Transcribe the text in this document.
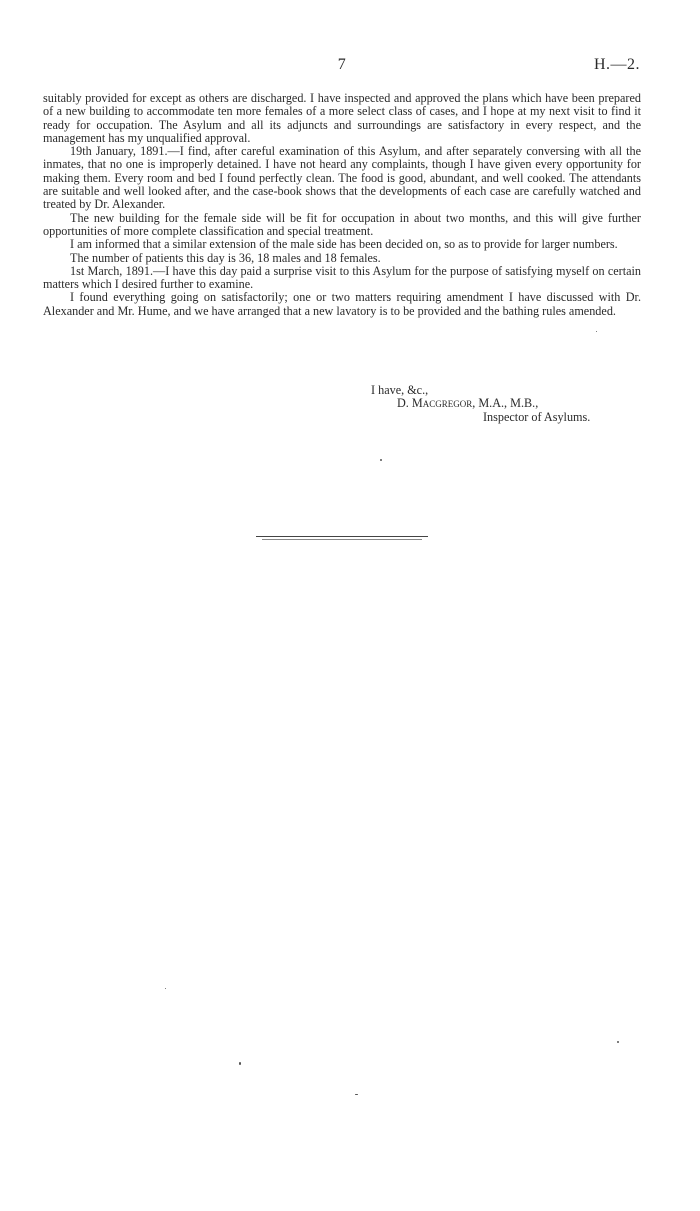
7	H.—2.

suitably provided for except as others are discharged. I have inspected and approved the plans which have been prepared of a new building to accommodate ten more females of a more select class of cases, and I hope at my next visit to find it ready for occupation. The Asylum and all its adjuncts and surroundings are satisfactory in every respect, and the management has my unqualified approval.

19th January, 1891.—I find, after careful examination of this Asylum, and after separately conversing with all the inmates, that no one is improperly detained. I have not heard any complaints, though I have given every opportunity for making them. Every room and bed I found perfectly clean. The food is good, abundant, and well cooked. The attendants are suitable and well looked after, and the case-book shows that the developments of each case are carefully watched and treated by Dr. Alexander.

The new building for the female side will be fit for occupation in about two months, and this will give further opportunities of more complete classification and special treatment.

I am informed that a similar extension of the male side has been decided on, so as to provide for larger numbers.

The number of patients this day is 36, 18 males and 18 females.

1st March, 1891.—I have this day paid a surprise visit to this Asylum for the purpose of satisfying myself on certain matters which I desired further to examine.

I found everything going on satisfactorily; one or two matters requiring amendment I have discussed with Dr. Alexander and Mr. Hume, and we have arranged that a new lavatory is to be provided and the bathing rules amended.

I have, &c.,
D. Macgregor, M.A., M.B.,
Inspector of Asylums.
